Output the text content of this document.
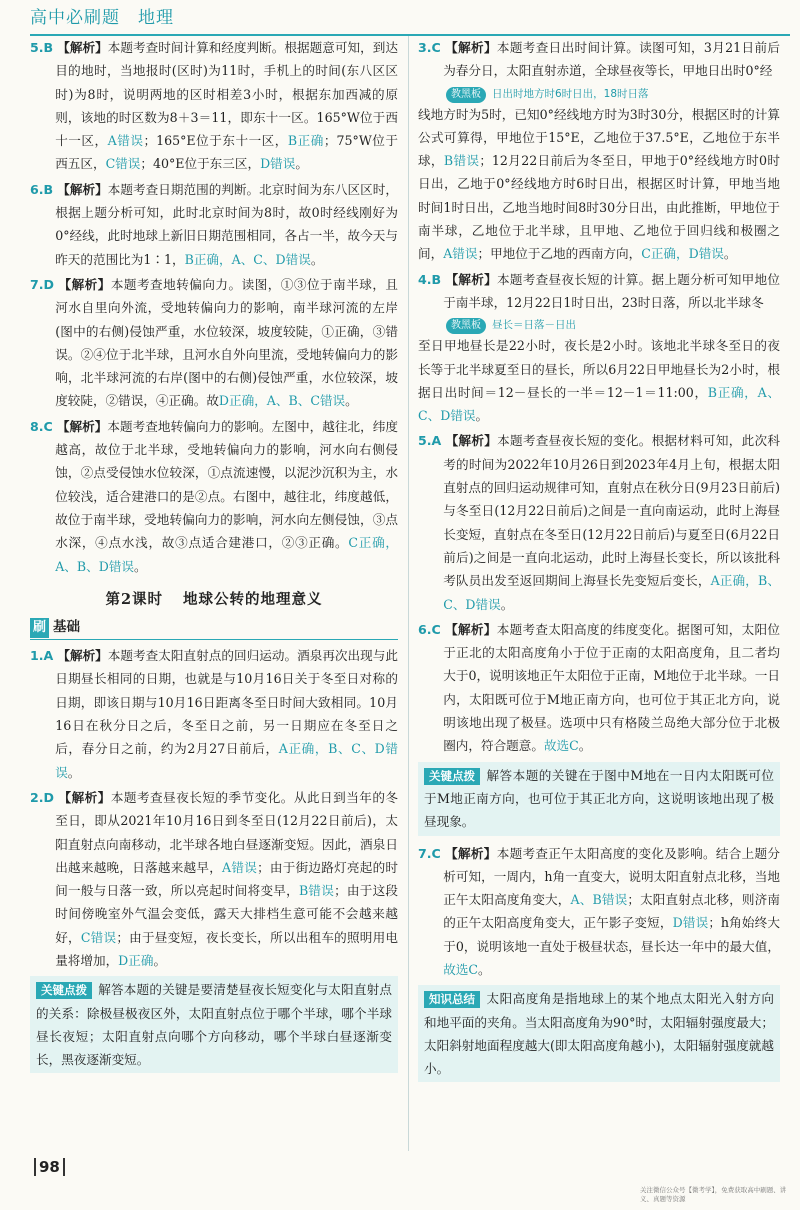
高中必刷题　地理

5.B 【解析】本题考查时间计算和经度判断。根据题意可知，到达目的地时，当地报时(区时)为11时，手机上的时间(东八区区时)为8时，说明两地的区时相差3小时，根据东加西减的原则，该地的时区数为8＋3＝11，即东十一区。165°W位于西十一区，A错误；165°E位于东十一区，B正确；75°W位于西五区，C错误；40°E位于东三区，D错误。

6.B 【解析】本题考查日期范围的判断。北京时间为东八区区时，根据上题分析可知，此时北京时间为8时，故0时经线刚好为0°经线，此时地球上新旧日期范围相同，各占一半，故今天与昨天的范围比为1∶1，B正确，A、C、D错误。

7.D 【解析】本题考查地转偏向力。读图，①③位于南半球，且河水自里向外流，受地转偏向力的影响，南半球河流的左岸(图中的右侧)侵蚀严重，水位较深，坡度较陡，①正确，③错误。②④位于北半球，且河水自外向里流，受地转偏向力的影响，北半球河流的右岸(图中的右侧)侵蚀严重，水位较深，坡度较陡，②错误，④正确。故D正确，A、B、C错误。

8.C 【解析】本题考查地转偏向力的影响。左图中，越往北，纬度越高，故位于北半球，受地转偏向力的影响，河水向右侧侵蚀，②点受侵蚀水位较深，①点流速慢，以泥沙沉积为主，水位较浅，适合建港口的是②点。右图中，越往北，纬度越低，故位于南半球，受地转偏向力的影响，河水向左侧侵蚀，③点水深，④点水浅，故③点适合建港口，②③正确。C正确，A、B、D错误。

第2课时 地球公转的地理意义
刷 基础

1.A 【解析】本题考查太阳直射点的回归运动。酒泉再次出现与此日期昼长相同的日期，也就是与10月16日关于冬至日对称的日期，即该日期与10月16日距离冬至日时间大致相同。10月16日在秋分日之后，冬至日之前，另一日期应在冬至日之后，春分日之前，约为2月27日前后，A正确，B、C、D错误。

2.D 【解析】本题考查昼夜长短的季节变化。从此日到当年的冬至日，即从2021年10月16日到冬至日(12月22日前后)，太阳直射点向南移动，北半球各地白昼逐渐变短。因此，酒泉日出越来越晚，日落越来越早，A错误；由于街边路灯亮起的时间一般与日落一致，所以亮起时间将变早，B错误；由于这段时间傍晚室外气温会变低，露天大排档生意可能不会越来越好，C错误；由于昼变短，夜长变长，所以出租车的照明用电量将增加，D正确。

关键点拨 解答本题的关键是要清楚昼夜长短变化与太阳直射点的关系：除极昼极夜区外，太阳直射点位于哪个半球，哪个半球昼长夜短；太阳直射点向哪个方向移动，哪个半球白昼逐渐变长，黑夜逐渐变短。

3.C 【解析】本题考查日出时间计算。读图可知，3月21日前后为春分日，太阳直射赤道，全球昼夜等长，甲地日出时0°经

教黑板 日出时地方时6时日出，18时日落

线地方时为5时，已知0°经线地方时为3时30分，根据区时的计算公式可算得，甲地位于15°E，乙地位于37.5°E，乙地位于东半球，B错误；12月22日前后为冬至日，甲地于0°经线地方时0时日出，乙地于0°经线地方时6时日出，根据区时计算，甲地当地时间1时日出，乙地当地时间8时30分日出，由此推断，甲地位于南半球，乙地位于北半球，且甲地、乙地位于回归线和极圈之间，A错误；甲地位于乙地的西南方向，C正确，D错误。

4.B 【解析】本题考查昼夜长短的计算。据上题分析可知甲地位于南半球，12月22日1时日出，23时日落，所以北半球冬

教黑板 昼长＝日落－日出

至日甲地昼长是22小时，夜长是2小时。该地北半球冬至日的夜长等于北半球夏至日的昼长，所以6月22日甲地昼长为2小时，根据日出时间＝12－昼长的一半＝12－1＝11:00，B正确，A、C、D错误。

5.A 【解析】本题考查昼夜长短的变化。根据材料可知，此次科考的时间为2022年10月26日到2023年4月上旬，根据太阳直射点的回归运动规律可知，直射点在秋分日(9月23日前后)与冬至日(12月22日前后)之间是一直向南运动，此时上海昼长变短，直射点在冬至日(12月22日前后)与夏至日(6月22日前后)之间是一直向北运动，此时上海昼长变长，所以该批科考队员出发至返回期间上海昼长先变短后变长，A正确，B、C、D错误。

6.C 【解析】本题考查太阳高度的纬度变化。据图可知，太阳位于正北的太阳高度角小于位于正南的太阳高度角，且二者均大于0，说明该地正午太阳位于正南，M地位于北半球。一日内，太阳既可位于M地正南方向，也可位于其正北方向，说明该地出现了极昼。选项中只有格陵兰岛绝大部分位于北极圈内，符合题意。故选C。

关键点拨 解答本题的关键在于图中M地在一日内太阳既可位于M地正南方向，也可位于其正北方向，这说明该地出现了极昼现象。

7.C 【解析】本题考查正午太阳高度的变化及影响。结合上题分析可知，一周内，h角一直变大，说明太阳直射点北移，当地正午太阳高度角变大，A、B错误；太阳直射点北移，则济南的正午太阳高度角变大，正午影子变短，D错误；h角始终大于0，说明该地一直处于极昼状态，昼长达一年中的最大值，故选C。

知识总结 太阳高度角是指地球上的某个地点太阳光入射方向和地平面的夹角。当太阳高度角为90°时，太阳辐射强度最大；太阳斜射地面程度越大(即太阳高度角越小)，太阳辐射强度就越小。
98
关注微信公众号【微考学】，免费获取高中刷题、讲义、真题等资源
